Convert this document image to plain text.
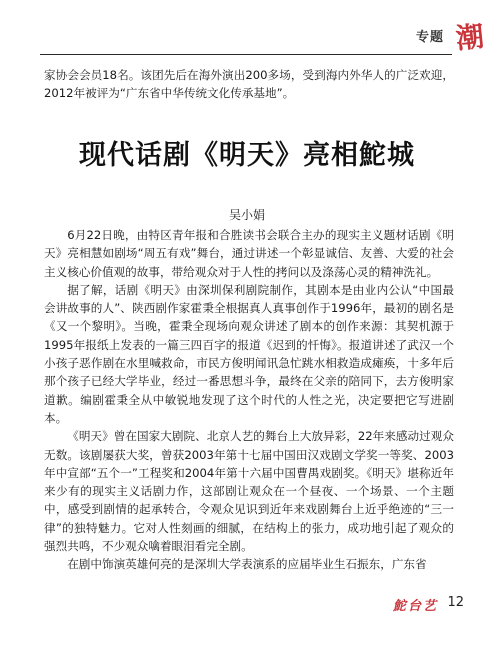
专题 潮

家协会会员18名。该团先后在海外演出200多场，受到海内外华人的广泛欢迎，2012年被评为“广东省中华传统文化传承基地”。

现代话剧《明天》亮相鮀城
吴小娟

6月22日晚，由特区青年报和合胜读书会联合主办的现实主义题材话剧《明天》亮相慧如剧场“周五有戏”舞台，通过讲述一个彰显诚信、友善、大爱的社会主义核心价值观的故事，带给观众对于人性的拷问以及涤荡心灵的精神洗礼。

据了解，话剧《明天》由深圳保利剧院制作，其剧本是由业内公认“中国最会讲故事的人”、陕西剧作家霍秉全根据真人真事创作于1996年，最初的剧名是《又一个黎明》。当晚，霍秉全现场向观众讲述了剧本的创作来源：其契机源于1995年报纸上发表的一篇三四百字的报道《迟到的忏悔》。报道讲述了武汉一个小孩子恶作剧在水里喊救命，市民方俊明闻讯急忙跳水相救造成瘫痪，十多年后那个孩子已经大学毕业，经过一番思想斗争，最终在父亲的陪同下，去方俊明家道歉。编剧霍秉全从中敏锐地发现了这个时代的人性之光，决定要把它写进剧本。

《明天》曾在国家大剧院、北京人艺的舞台上大放异彩，22年来感动过观众无数。该剧屡获大奖，曾获2003年第十七届中国田汉戏剧文学奖一等奖、2003年中宣部“五个一”工程奖和2004年第十六届中国曹禺戏剧奖。《明天》堪称近年来少有的现实主义话剧力作，这部剧让观众在一个昼夜、一个场景、一个主题中，感受到剧情的起承转合，令观众见识到近年来戏剧舞台上近乎绝迹的“三一律”的独特魅力。它对人性刻画的细腻，在结构上的张力，成功地引起了观众的强烈共鸣，不少观众噙着眼泪看完全剧。

在剧中饰演英雄何亮的是深圳大学表演系的应届毕业生石振东，广东省

鮀台艺 12
